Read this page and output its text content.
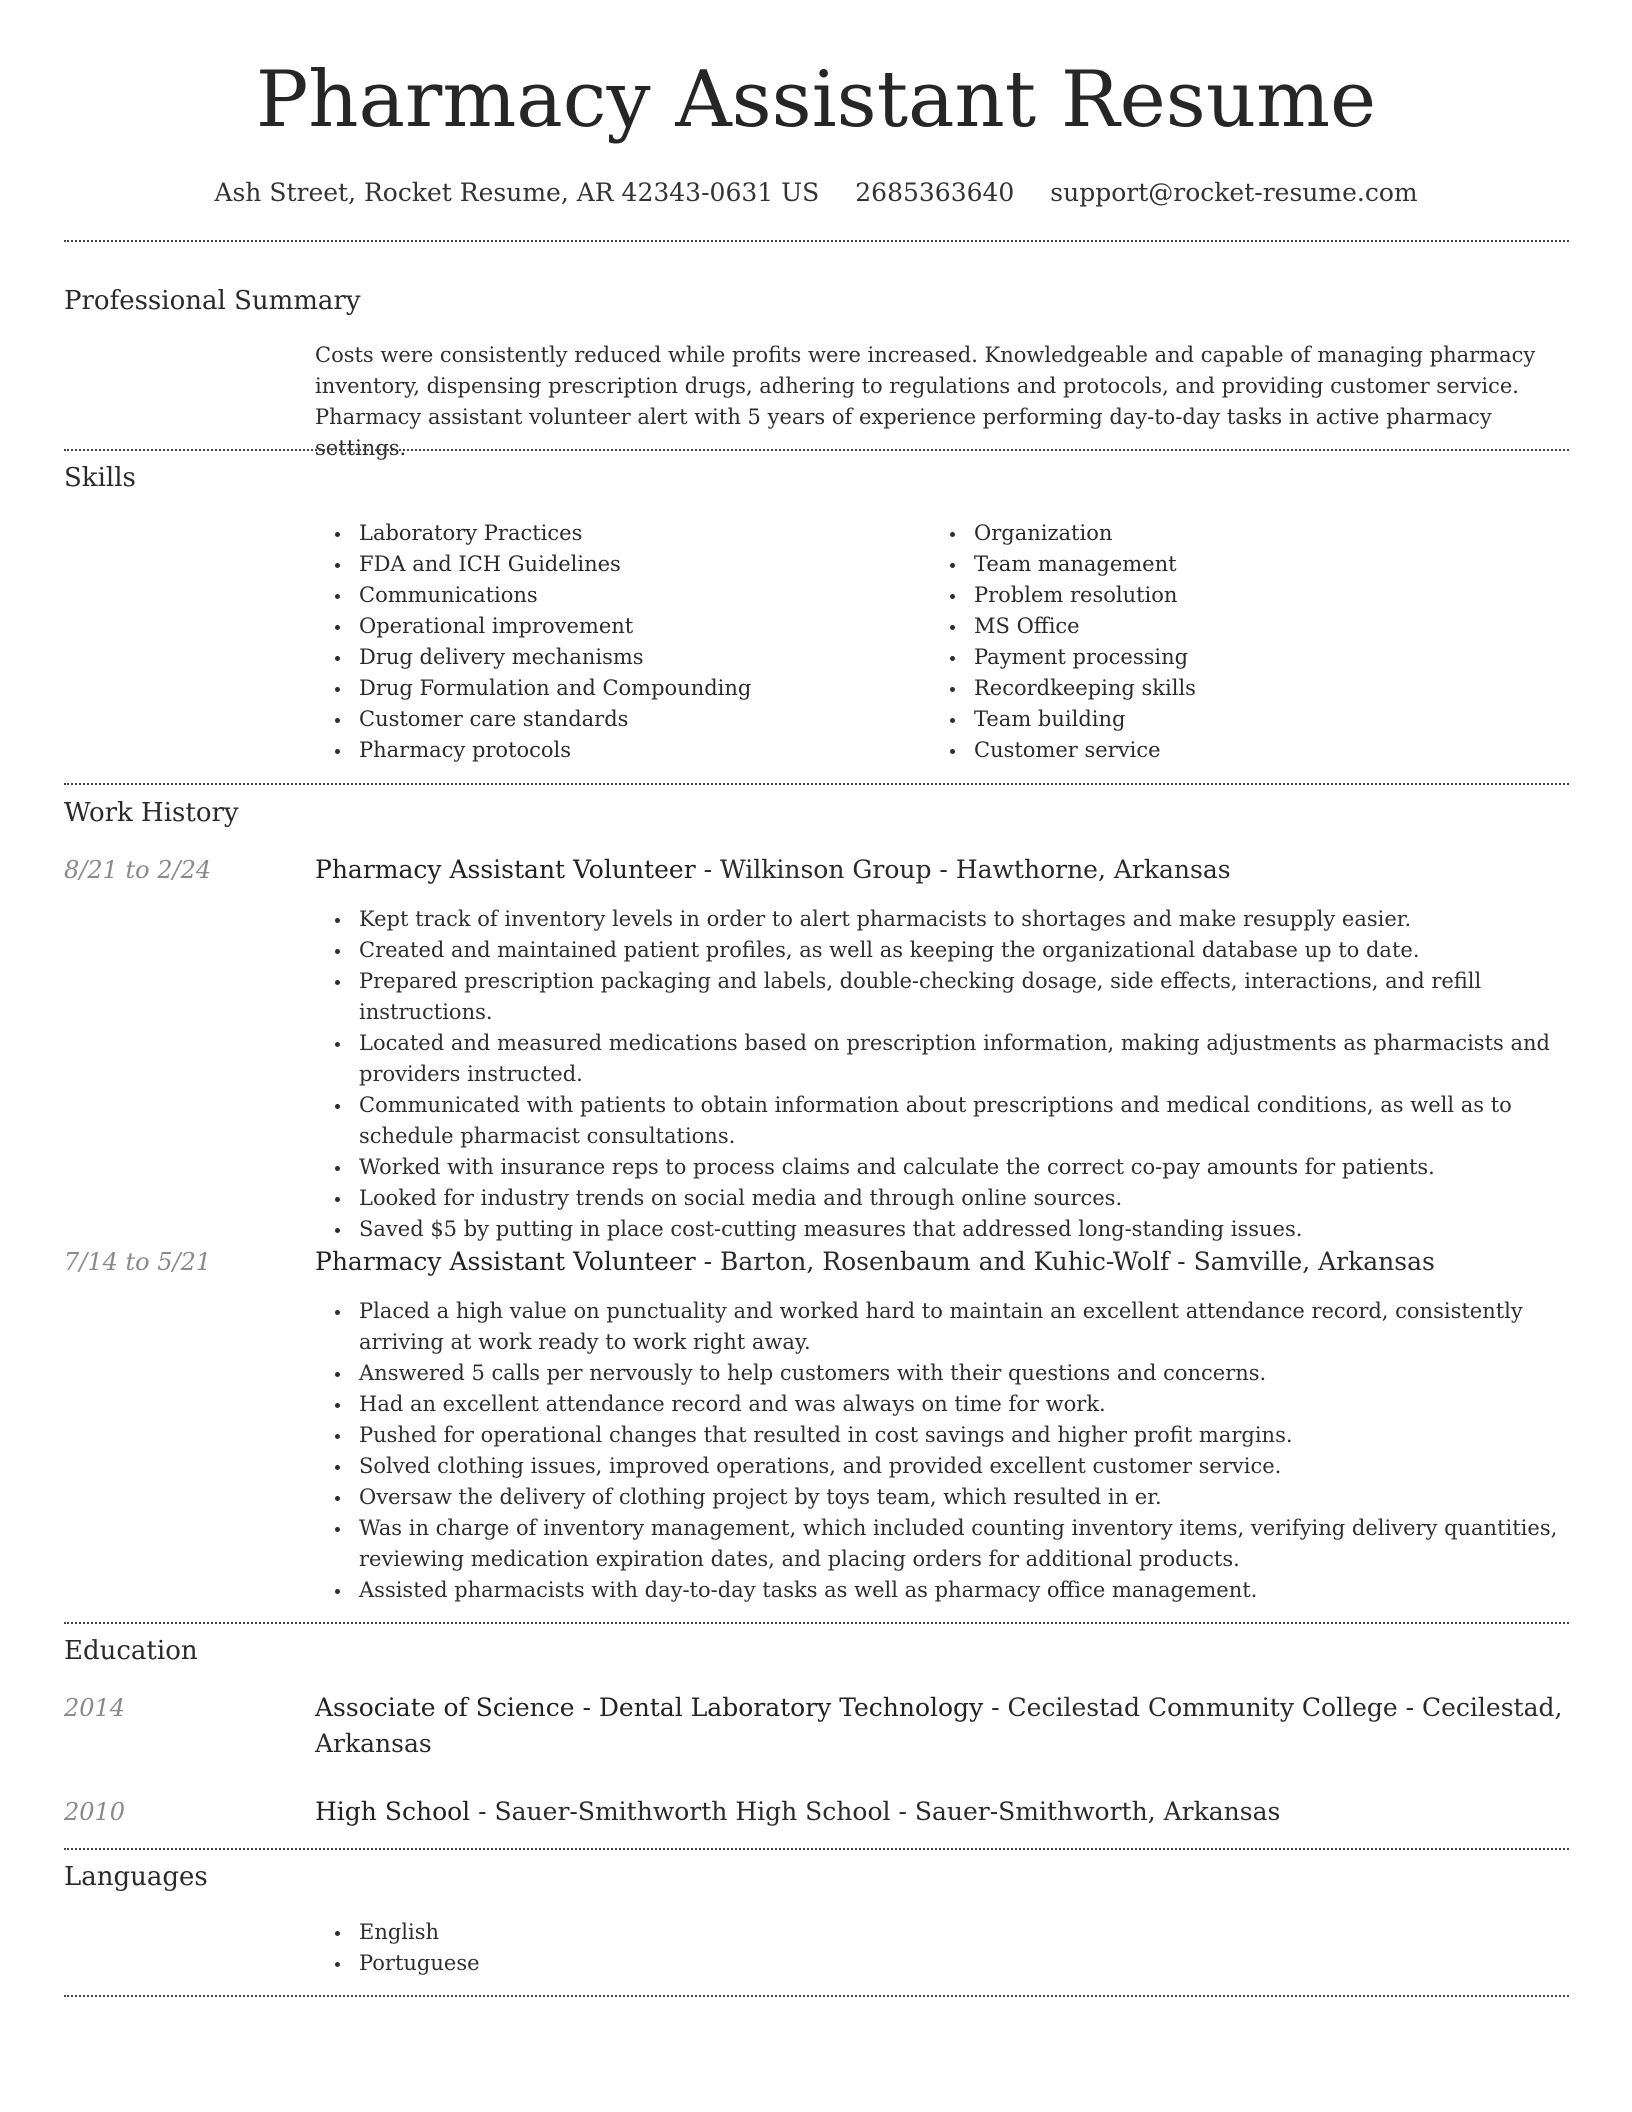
Pharmacy Assistant Resume
Ash Street, Rocket Resume, AR 42343-0631 US 2685363640 support@rocket-resume.com
Professional Summary
Costs were consistently reduced while profits were increased. Knowledgeable and capable of managing pharmacy inventory, dispensing prescription drugs, adhering to regulations and protocols, and providing customer service. Pharmacy assistant volunteer alert with 5 years of experience performing day-to-day tasks in active pharmacy settings.
Skills
Laboratory Practices
FDA and ICH Guidelines
Communications
Operational improvement
Drug delivery mechanisms
Drug Formulation and Compounding
Customer care standards
Pharmacy protocols
Organization
Team management
Problem resolution
MS Office
Payment processing
Recordkeeping skills
Team building
Customer service
Work History
8/21 to 2/24	Pharmacy Assistant Volunteer - Wilkinson Group - Hawthorne, Arkansas
Kept track of inventory levels in order to alert pharmacists to shortages and make resupply easier.
Created and maintained patient profiles, as well as keeping the organizational database up to date.
Prepared prescription packaging and labels, double-checking dosage, side effects, interactions, and refill instructions.
Located and measured medications based on prescription information, making adjustments as pharmacists and providers instructed.
Communicated with patients to obtain information about prescriptions and medical conditions, as well as to schedule pharmacist consultations.
Worked with insurance reps to process claims and calculate the correct co-pay amounts for patients.
Looked for industry trends on social media and through online sources.
Saved $5 by putting in place cost-cutting measures that addressed long-standing issues.
7/14 to 5/21	Pharmacy Assistant Volunteer - Barton, Rosenbaum and Kuhic-Wolf - Samville, Arkansas
Placed a high value on punctuality and worked hard to maintain an excellent attendance record, consistently arriving at work ready to work right away.
Answered 5 calls per nervously to help customers with their questions and concerns.
Had an excellent attendance record and was always on time for work.
Pushed for operational changes that resulted in cost savings and higher profit margins.
Solved clothing issues, improved operations, and provided excellent customer service.
Oversaw the delivery of clothing project by toys team, which resulted in er.
Was in charge of inventory management, which included counting inventory items, verifying delivery quantities, reviewing medication expiration dates, and placing orders for additional products.
Assisted pharmacists with day-to-day tasks as well as pharmacy office management.
Education
2014	Associate of Science - Dental Laboratory Technology - Cecilestad Community College - Cecilestad, Arkansas
2010	High School - Sauer-Smithworth High School - Sauer-Smithworth, Arkansas
Languages
English
Portuguese
